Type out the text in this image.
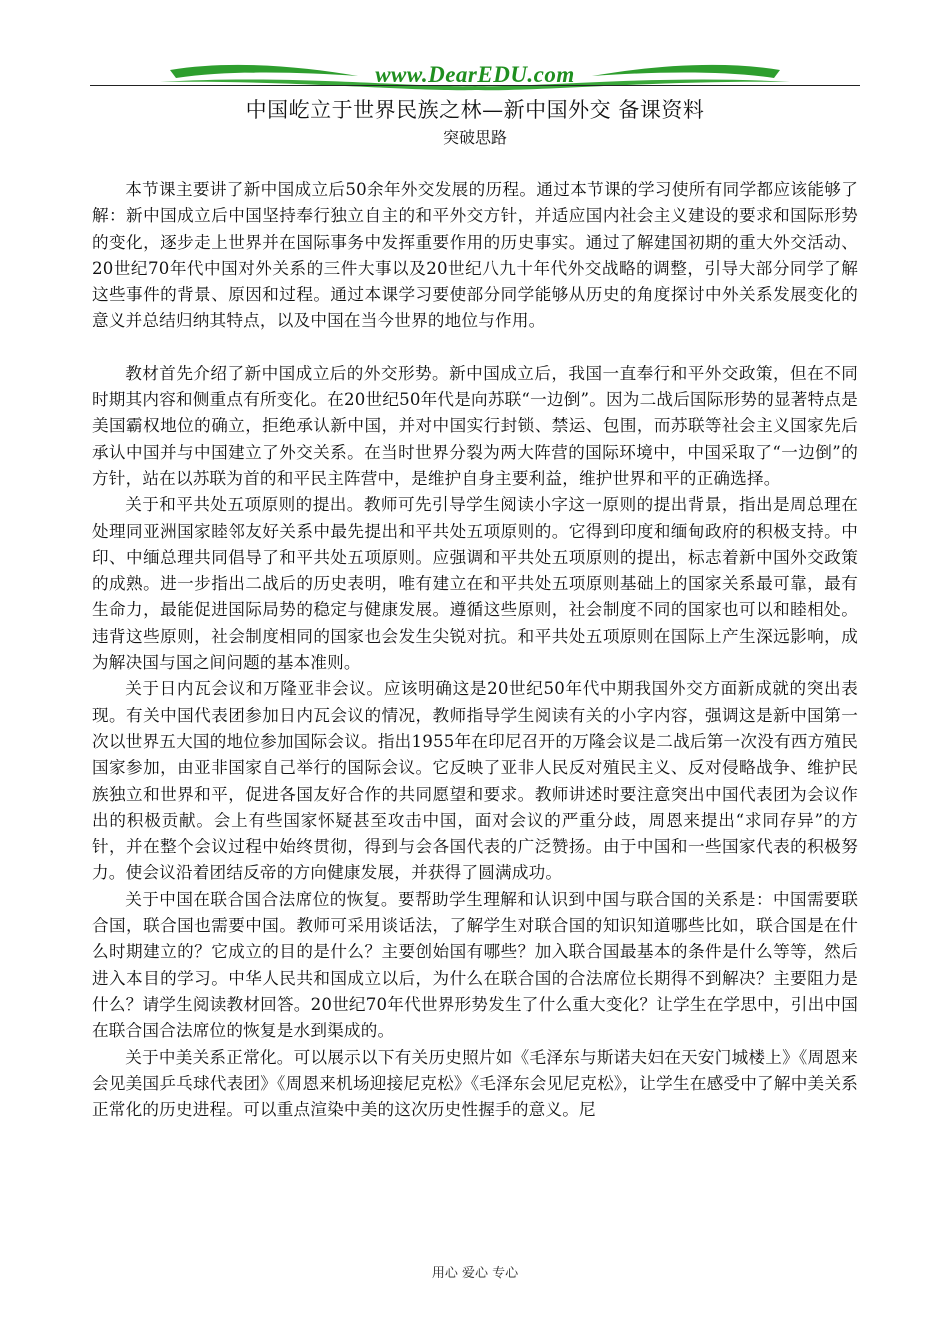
www.DearEDU.com
中国屹立于世界民族之林—新中国外交 备课资料
突破思路

本节课主要讲了新中国成立后50余年外交发展的历程。通过本节课的学习使所有同学都应该能够了解：新中国成立后中国坚持奉行独立自主的和平外交方针，并适应国内社会主义建设的要求和国际形势的变化，逐步走上世界并在国际事务中发挥重要作用的历史事实。通过了解建国初期的重大外交活动、20世纪70年代中国对外关系的三件大事以及20世纪八九十年代外交战略的调整，引导大部分同学了解这些事件的背景、原因和过程。通过本课学习要使部分同学能够从历史的角度探讨中外关系发展变化的意义并总结归纳其特点，以及中国在当今世界的地位与作用。

教材首先介绍了新中国成立后的外交形势。新中国成立后，我国一直奉行和平外交政策，但在不同时期其内容和侧重点有所变化。在20世纪50年代是向苏联“一边倒”。因为二战后国际形势的显著特点是美国霸权地位的确立，拒绝承认新中国，并对中国实行封锁、禁运、包围，而苏联等社会主义国家先后承认中国并与中国建立了外交关系。在当时世界分裂为两大阵营的国际环境中，中国采取了“一边倒”的方针，站在以苏联为首的和平民主阵营中，是维护自身主要利益，维护世界和平的正确选择。

关于和平共处五项原则的提出。教师可先引导学生阅读小字这一原则的提出背景，指出是周总理在处理同亚洲国家睦邻友好关系中最先提出和平共处五项原则的。它得到印度和缅甸政府的积极支持。中印、中缅总理共同倡导了和平共处五项原则。应强调和平共处五项原则的提出，标志着新中国外交政策的成熟。进一步指出二战后的历史表明，唯有建立在和平共处五项原则基础上的国家关系最可靠，最有生命力，最能促进国际局势的稳定与健康发展。遵循这些原则，社会制度不同的国家也可以和睦相处。违背这些原则，社会制度相同的国家也会发生尖锐对抗。和平共处五项原则在国际上产生深远影响，成为解决国与国之间问题的基本准则。

关于日内瓦会议和万隆亚非会议。应该明确这是20世纪50年代中期我国外交方面新成就的突出表现。有关中国代表团参加日内瓦会议的情况，教师指导学生阅读有关的小字内容，强调这是新中国第一次以世界五大国的地位参加国际会议。指出1955年在印尼召开的万隆会议是二战后第一次没有西方殖民国家参加，由亚非国家自己举行的国际会议。它反映了亚非人民反对殖民主义、反对侵略战争、维护民族独立和世界和平，促进各国友好合作的共同愿望和要求。教师讲述时要注意突出中国代表团为会议作出的积极贡献。会上有些国家怀疑甚至攻击中国，面对会议的严重分歧，周恩来提出“求同存异”的方针，并在整个会议过程中始终贯彻，得到与会各国代表的广泛赞扬。由于中国和一些国家代表的积极努力。使会议沿着团结反帝的方向健康发展，并获得了圆满成功。

关于中国在联合国合法席位的恢复。要帮助学生理解和认识到中国与联合国的关系是：中国需要联合国，联合国也需要中国。教师可采用谈话法，了解学生对联合国的知识知道哪些比如，联合国是在什么时期建立的？它成立的目的是什么？主要创始国有哪些？加入联合国最基本的条件是什么等等，然后进入本目的学习。中华人民共和国成立以后，为什么在联合国的合法席位长期得不到解决？主要阻力是什么？请学生阅读教材回答。20世纪70年代世界形势发生了什么重大变化？让学生在学思中，引出中国在联合国合法席位的恢复是水到渠成的。

关于中美关系正常化。可以展示以下有关历史照片如《毛泽东与斯诺夫妇在天安门城楼上》《周恩来会见美国乒乓球代表团》《周恩来机场迎接尼克松》《毛泽东会见尼克松》，让学生在感受中了解中美关系正常化的历史进程。可以重点渲染中美的这次历史性握手的意义。尼

用心 爱心 专心
